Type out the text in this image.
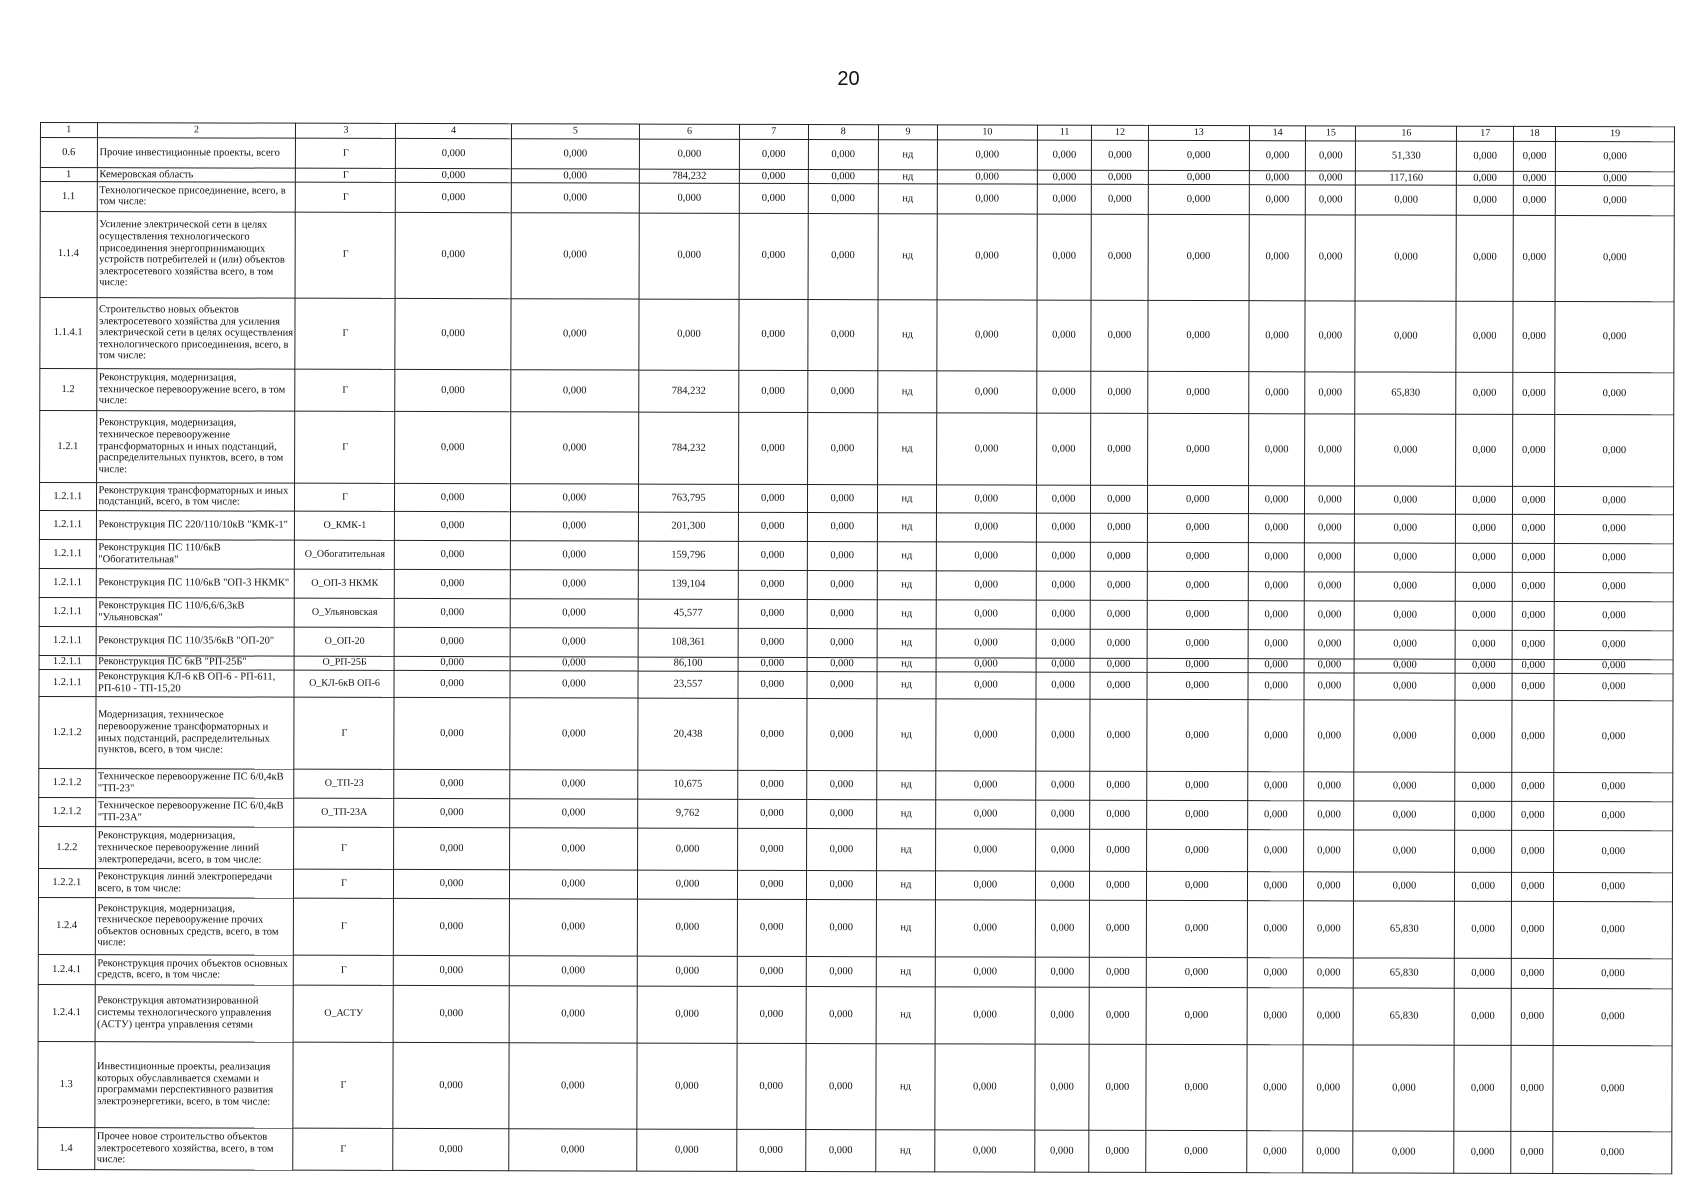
20
1	2	3	4	5	6	7	8	9	10	11	12	13	14	15	16	17	18	19
0.6	Прочие инвестиционные проекты, всего	Г	0,000	0,000	0,000	0,000	0,000	нд	0,000	0,000	0,000	0,000	0,000	0,000	51,330	0,000	0,000	0,000
1	Кемеровская область	Г	0,000	0,000	784,232	0,000	0,000	нд	0,000	0,000	0,000	0,000	0,000	0,000	117,160	0,000	0,000	0,000
1.1	Технологическое присоединение, всего, в том числе:	Г	0,000	0,000	0,000	0,000	0,000	нд	0,000	0,000	0,000	0,000	0,000	0,000	0,000	0,000	0,000	0,000
1.1.4	Усиление электрической сети в целях осуществления технологического присоединения энергопринимающих устройств потребителей и (или) объектов электросетевого хозяйства всего, в том числе:	Г	0,000	0,000	0,000	0,000	0,000	нд	0,000	0,000	0,000	0,000	0,000	0,000	0,000	0,000	0,000	0,000
1.1.4.1	Строительство новых объектов электросетевого хозяйства для усиления электрической сети в целях осуществления технологического присоединения, всего, в том числе:	Г	0,000	0,000	0,000	0,000	0,000	нд	0,000	0,000	0,000	0,000	0,000	0,000	0,000	0,000	0,000	0,000
1.2	Реконструкция, модернизация, техническое перевооружение всего, в том числе:	Г	0,000	0,000	784,232	0,000	0,000	нд	0,000	0,000	0,000	0,000	0,000	0,000	65,830	0,000	0,000	0,000
1.2.1	Реконструкция, модернизация, техническое перевооружение трансформаторных и иных подстанций, распределительных пунктов, всего, в том числе:	Г	0,000	0,000	784,232	0,000	0,000	нд	0,000	0,000	0,000	0,000	0,000	0,000	0,000	0,000	0,000	0,000
1.2.1.1	Реконструкция трансформаторных и иных подстанций, всего, в том числе:	Г	0,000	0,000	763,795	0,000	0,000	нд	0,000	0,000	0,000	0,000	0,000	0,000	0,000	0,000	0,000	0,000
1.2.1.1	Реконструкция ПС 220/110/10кВ "КМК-1"	О_КМК-1	0,000	0,000	201,300	0,000	0,000	нд	0,000	0,000	0,000	0,000	0,000	0,000	0,000	0,000	0,000	0,000
1.2.1.1	Реконструкция ПС 110/6кВ "Обогатительная"	О_Обогатительная	0,000	0,000	159,796	0,000	0,000	нд	0,000	0,000	0,000	0,000	0,000	0,000	0,000	0,000	0,000	0,000
1.2.1.1	Реконструкция ПС 110/6кВ "ОП-3 НКМК"	О_ОП-3 НКМК	0,000	0,000	139,104	0,000	0,000	нд	0,000	0,000	0,000	0,000	0,000	0,000	0,000	0,000	0,000	0,000
1.2.1.1	Реконструкция ПС 110/6,6/6,3кВ "Ульяновская"	О_Ульяновская	0,000	0,000	45,577	0,000	0,000	нд	0,000	0,000	0,000	0,000	0,000	0,000	0,000	0,000	0,000	0,000
1.2.1.1	Реконструкция ПС 110/35/6кВ "ОП-20"	О_ОП-20	0,000	0,000	108,361	0,000	0,000	нд	0,000	0,000	0,000	0,000	0,000	0,000	0,000	0,000	0,000	0,000
1.2.1.1	Реконструкция ПС 6кВ "РП-25Б"	О_РП-25Б	0,000	0,000	86,100	0,000	0,000	нд	0,000	0,000	0,000	0,000	0,000	0,000	0,000	0,000	0,000	0,000
1.2.1.1	Реконструкция КЛ-6 кВ ОП-6 - РП-611, РП-610 - ТП-15,20	О_КЛ-6кВ ОП-6	0,000	0,000	23,557	0,000	0,000	нд	0,000	0,000	0,000	0,000	0,000	0,000	0,000	0,000	0,000	0,000
1.2.1.2	Модернизация, техническое перевооружение трансформаторных и иных подстанций, распределительных пунктов, всего, в том числе:	Г	0,000	0,000	20,438	0,000	0,000	нд	0,000	0,000	0,000	0,000	0,000	0,000	0,000	0,000	0,000	0,000
1.2.1.2	Техническое перевооружение ПС 6/0,4кВ "ТП-23"	О_ТП-23	0,000	0,000	10,675	0,000	0,000	нд	0,000	0,000	0,000	0,000	0,000	0,000	0,000	0,000	0,000	0,000
1.2.1.2	Техническое перевооружение ПС 6/0,4кВ "ТП-23А"	О_ТП-23А	0,000	0,000	9,762	0,000	0,000	нд	0,000	0,000	0,000	0,000	0,000	0,000	0,000	0,000	0,000	0,000
1.2.2	Реконструкция, модернизация, техническое перевооружение линий электропередачи, всего, в том числе:	Г	0,000	0,000	0,000	0,000	0,000	нд	0,000	0,000	0,000	0,000	0,000	0,000	0,000	0,000	0,000	0,000
1.2.2.1	Реконструкция линий электропередачи всего, в том числе:	Г	0,000	0,000	0,000	0,000	0,000	нд	0,000	0,000	0,000	0,000	0,000	0,000	0,000	0,000	0,000	0,000
1.2.4	Реконструкция, модернизация, техническое перевооружение прочих объектов основных средств, всего, в том числе:	Г	0,000	0,000	0,000	0,000	0,000	нд	0,000	0,000	0,000	0,000	0,000	0,000	65,830	0,000	0,000	0,000
1.2.4.1	Реконструкция прочих объектов основных средств, всего, в том числе:	Г	0,000	0,000	0,000	0,000	0,000	нд	0,000	0,000	0,000	0,000	0,000	0,000	65,830	0,000	0,000	0,000
1.2.4.1	Реконструкция автоматизированной системы технологического управления (АСТУ) центра управления сетями	О_АСТУ	0,000	0,000	0,000	0,000	0,000	нд	0,000	0,000	0,000	0,000	0,000	0,000	65,830	0,000	0,000	0,000
1.3	Инвестиционные проекты, реализация которых обуславливается схемами и программами перспективного развития электроэнергетики, всего, в том числе:	Г	0,000	0,000	0,000	0,000	0,000	нд	0,000	0,000	0,000	0,000	0,000	0,000	0,000	0,000	0,000	0,000
1.4	Прочее новое строительство объектов электросетевого хозяйства, всего, в том числе:	Г	0,000	0,000	0,000	0,000	0,000	нд	0,000	0,000	0,000	0,000	0,000	0,000	0,000	0,000	0,000	0,000
